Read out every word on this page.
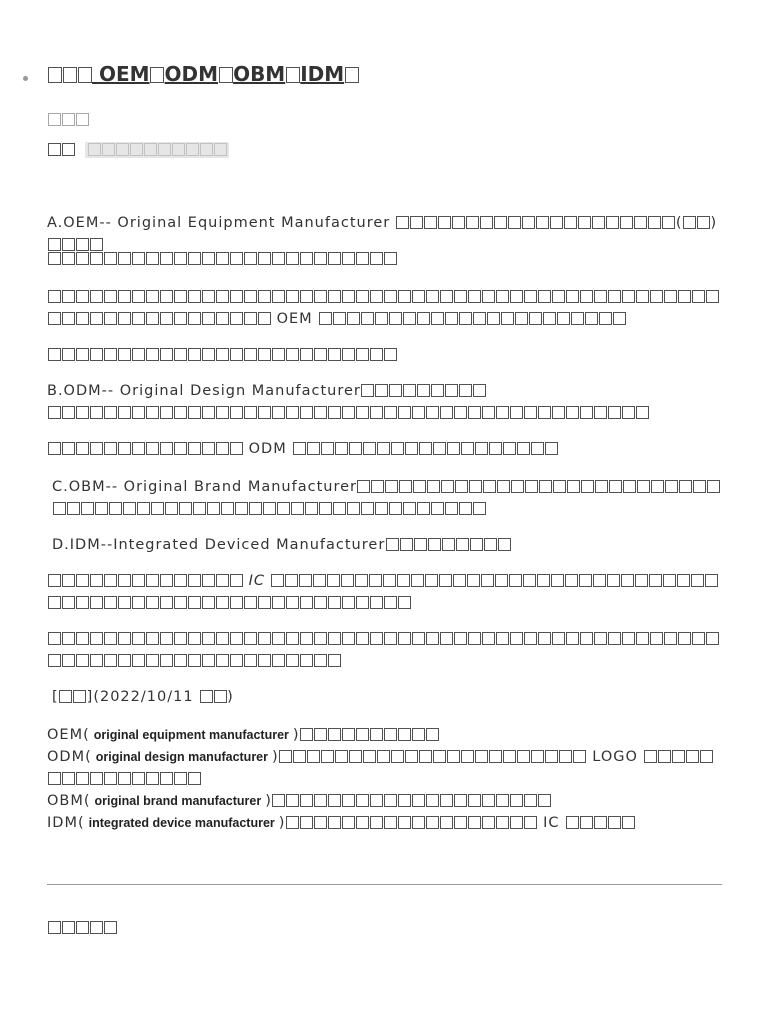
OEM ODM OBM IDM

A.OEM-- Original Equipment Manufacturer	( )

OEM

B.ODM-- Original Design Manufacturer

ODM

C.OBM-- Original Brand Manufacturer

D.IDM--Integrated Deviced Manufacturer

IC

[ ](2022/10/11 )

OEM( original equipment manufacturer )
ODM( original design manufacturer )	LOGO
OBM( original brand manufacturer )
IDM( integrated device manufacturer )	IC
